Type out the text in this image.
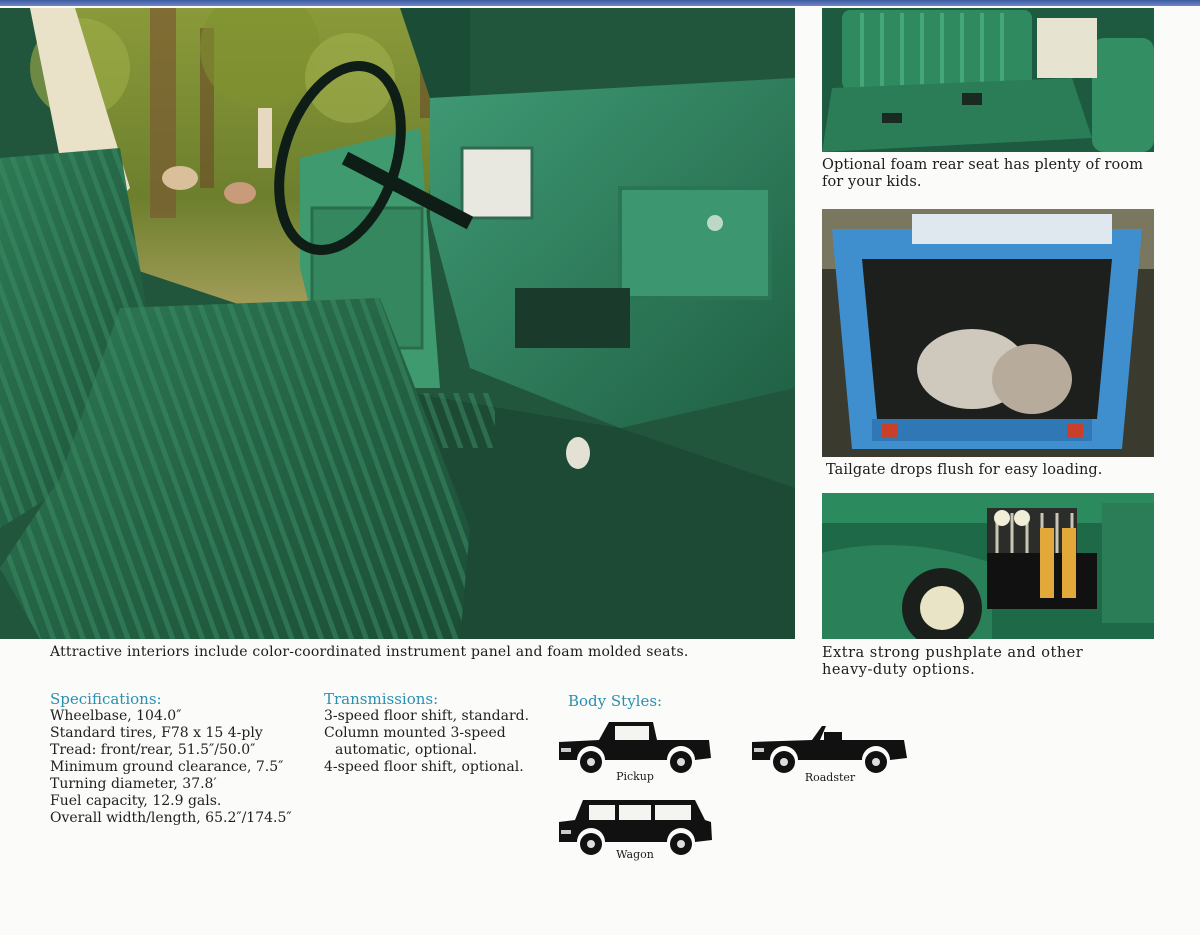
Attractive interiors include color-coordinated instrument panel and foam molded seats.
Optional foam rear seat has plenty of room
for your kids.
Tailgate drops flush for easy loading.
Extra strong pushplate and other
heavy-duty options.
Specifications:
Wheelbase, 104.0″
Standard tires, F78 x 15 4-ply
Tread: front/rear, 51.5″/50.0″
Minimum ground clearance, 7.5″
Turning diameter, 37.8′
Fuel capacity, 12.9 gals.
Overall width/length, 65.2″/174.5″
Transmissions:
3-speed floor shift, standard.
Column mounted 3-speed
automatic, optional.
4-speed floor shift, optional.
Body Styles:
Pickup	Roadster
Wagon
